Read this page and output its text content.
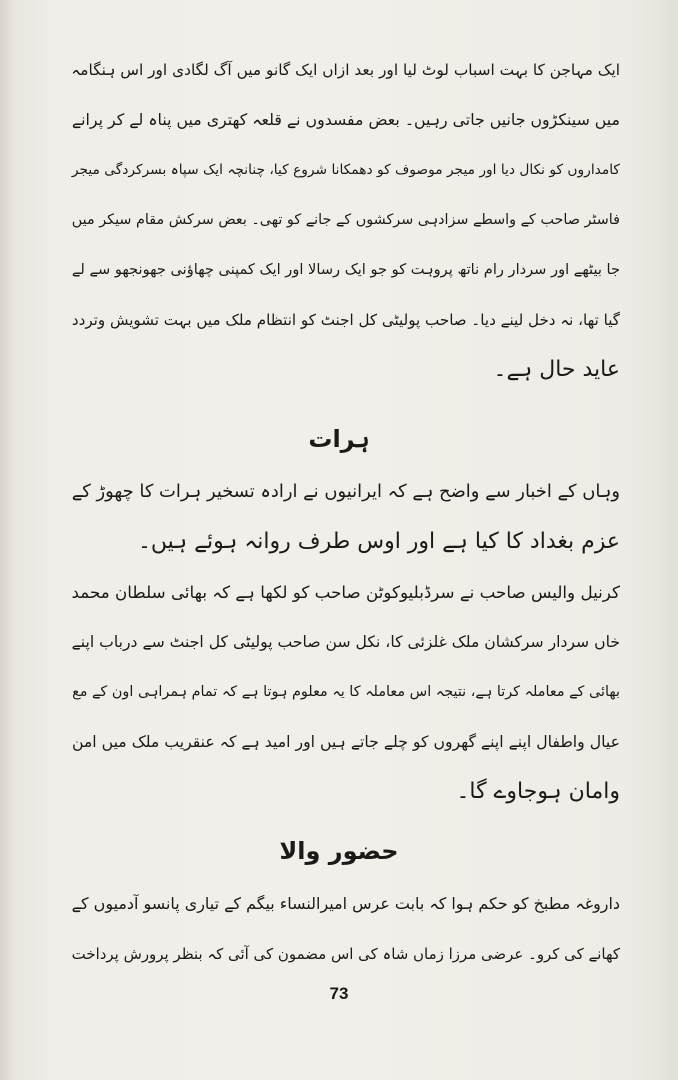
ایک مہاجن کا بہت اسباب لوٹ لیا اور بعد ازاں ایک گانو میں آگ لگادی اور اس ہنگامہ
میں سینکڑوں جانیں جاتی رہیں۔ بعض مفسدوں نے قلعہ کھتری میں پناہ لے کر پرانے
کامداروں کو نکال دیا اور میجر موصوف کو دھمکانا شروع کیا، چنانچہ ایک سپاہ بسرکردگی میجر
فاسٹر صاحب کے واسطے سزادہی سرکشوں کے جانے کو تھی۔ بعض سرکش مقام سیکر میں
جا بیٹھے اور سردار رام ناتھ پروہت کو جو ایک رسالا اور ایک کمپنی چھاؤنی جھونجھو سے لے
گیا تھا، نہ دخل لینے دیا۔ صاحب پولیٹی کل اجنٹ کو انتظام ملک میں بہت تشویش وتردد
عاید حال ہے۔
ہرات
وہاں کے اخبار سے واضح ہے کہ ایرانیوں نے ارادہ تسخیر ہرات کا چھوڑ کے
عزم بغداد کا کیا ہے اور اوس طرف روانہ ہوئے ہیں۔
کرنیل والیس صاحب نے سرڈبلیوکوٹن صاحب کو لکھا ہے کہ بھائی سلطان محمد
خاں سردار سرکشان ملک غلزئی کا، نکل سن صاحب پولیٹی کل اجنٹ سے درباب اپنے
بھائی کے معاملہ کرتا ہے، نتیجہ اس معاملہ کا یہ معلوم ہوتا ہے کہ تمام ہمراہی اون کے مع
عیال واطفال اپنے اپنے گھروں کو چلے جاتے ہیں اور امید ہے کہ عنقریب ملک میں امن
وامان ہوجاوے گا۔
حضور والا
داروغہ مطبخ کو حکم ہوا کہ بابت عرس امیرالنساء بیگم کے تیاری پانسو آدمیوں کے
کھانے کی کرو۔ عرضی مرزا زماں شاہ کی اس مضمون کی آئی کہ بنظر پرورش پرداخت
73
